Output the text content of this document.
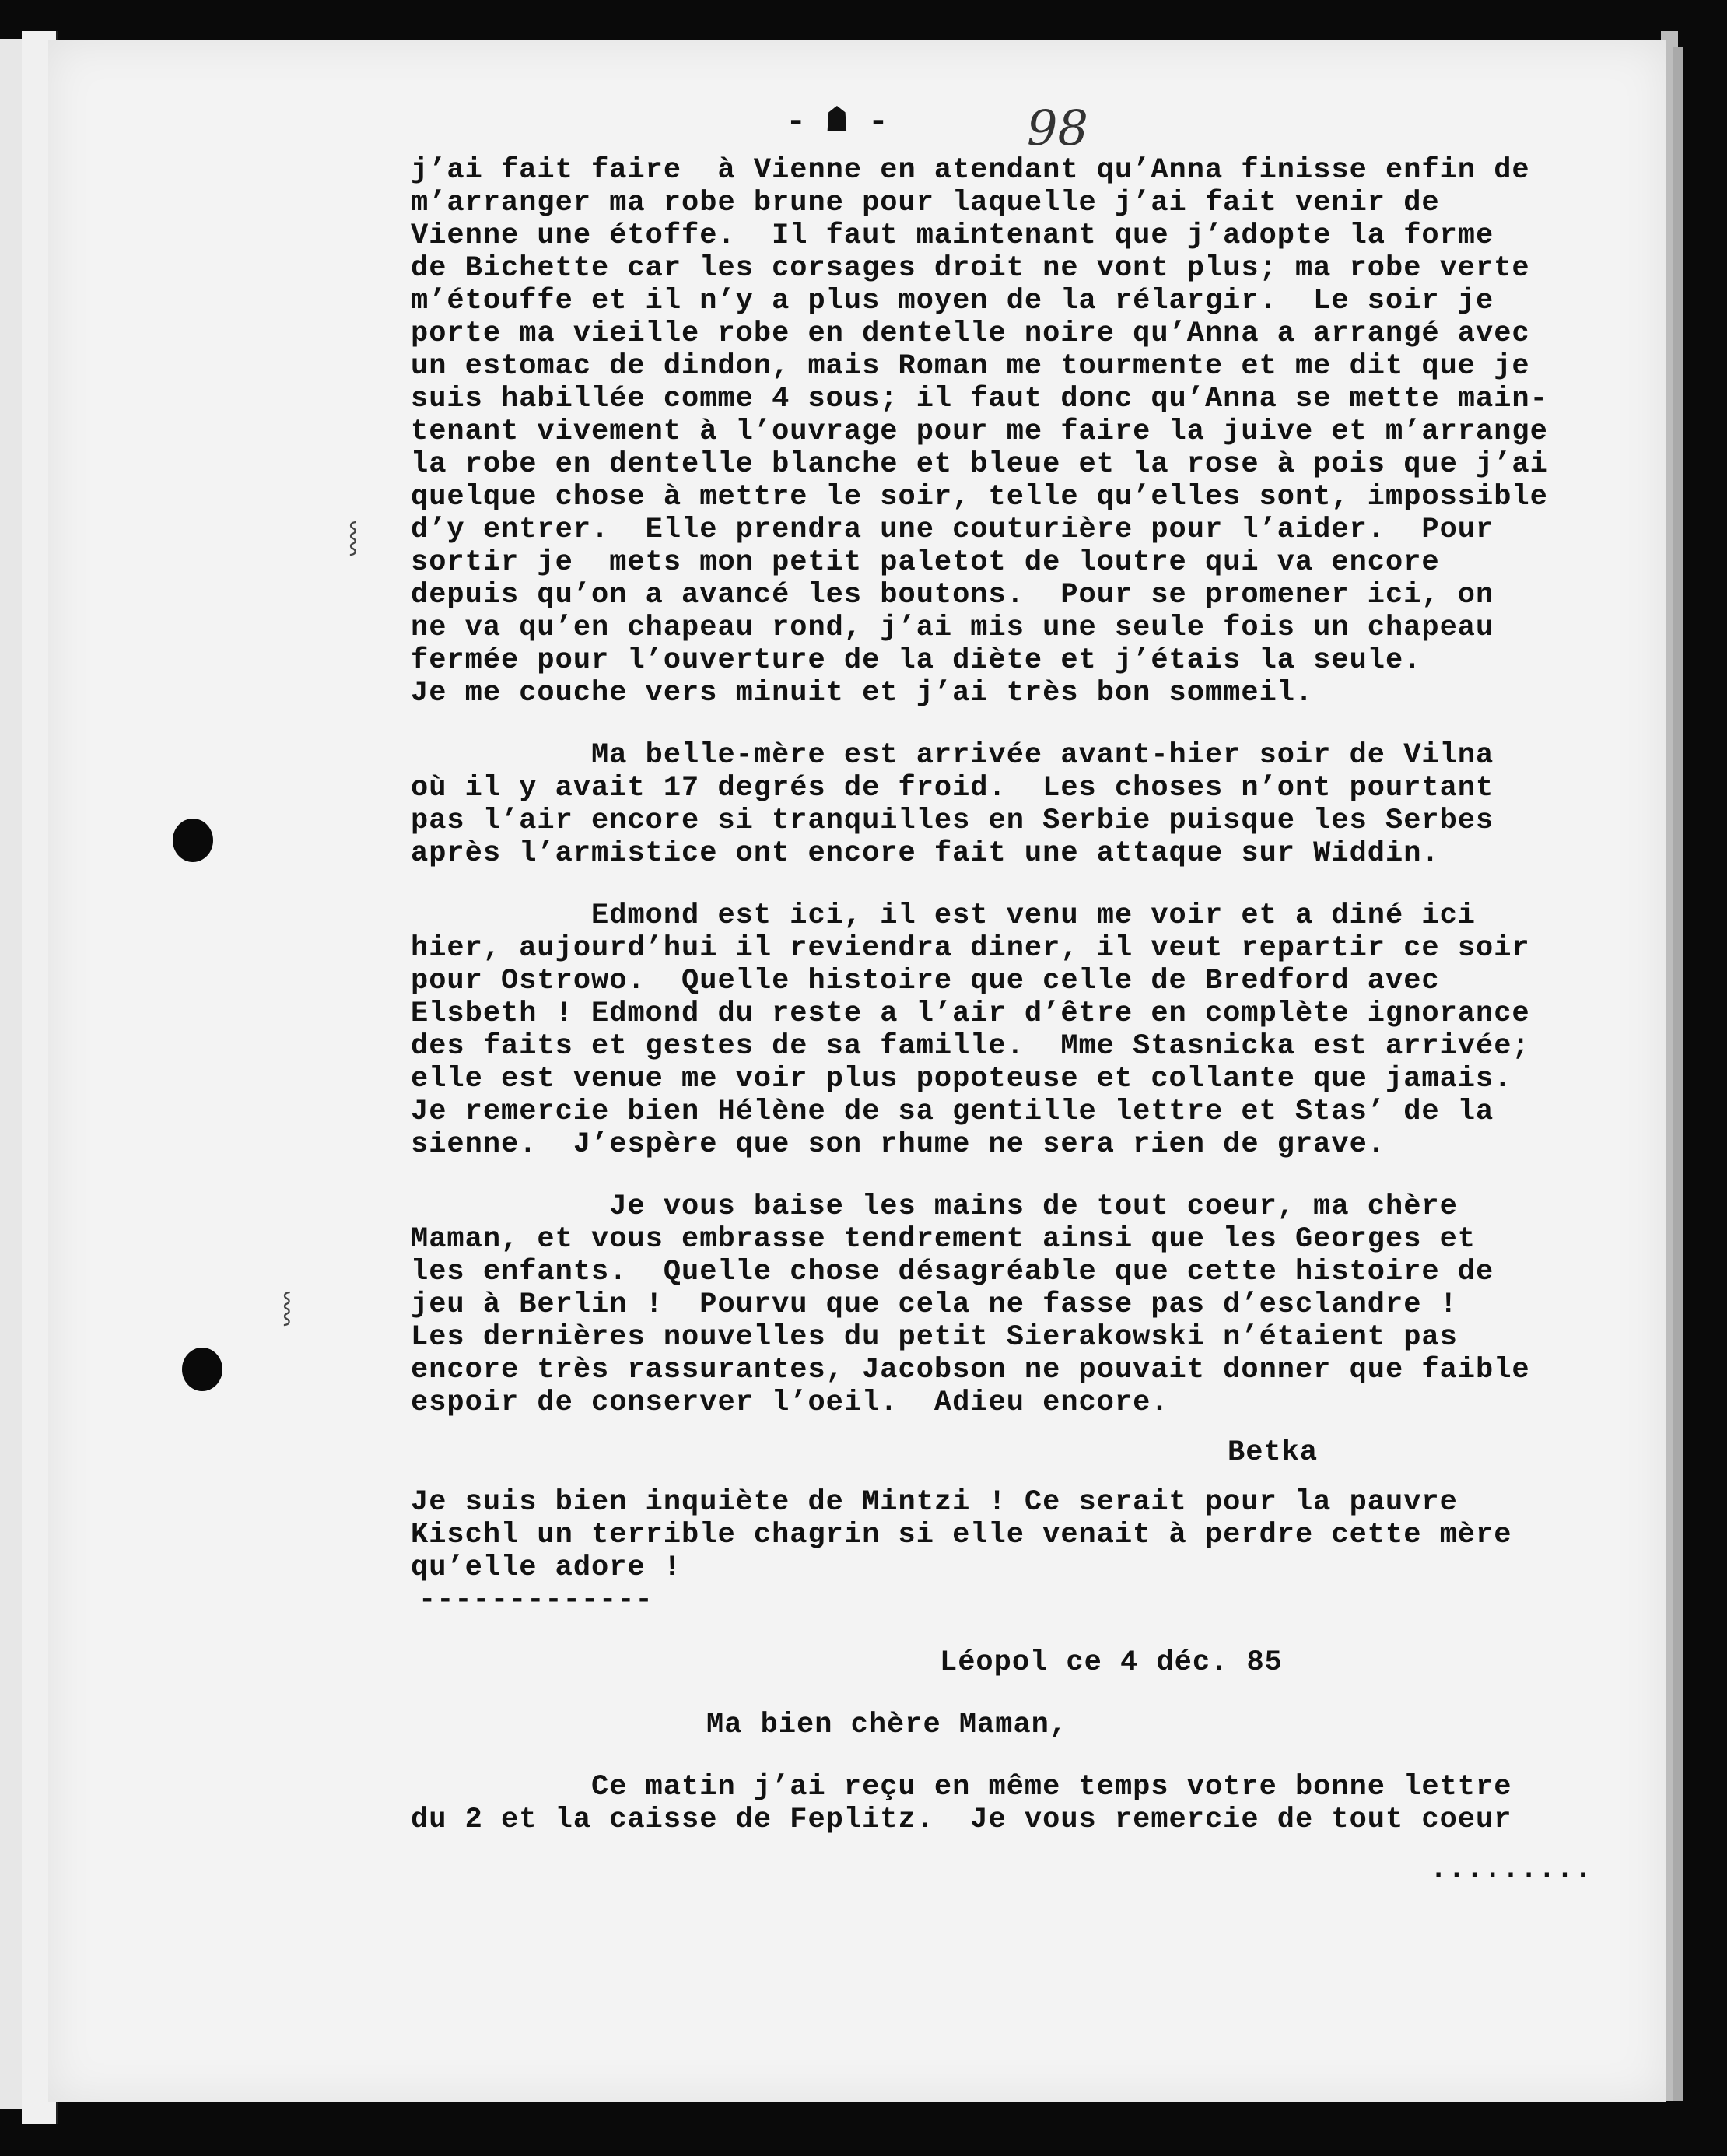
⸾
⸾
- ☗ -	98
j’ai fait faire  à Vienne en atendant qu’Anna finisse enfin de
m’arranger ma robe brune pour laquelle j’ai fait venir de
Vienne une étoffe.  Il faut maintenant que j’adopte la forme
de Bichette car les corsages droit ne vont plus; ma robe verte
m’étouffe et il n’y a plus moyen de la rélargir.  Le soir je
porte ma vieille robe en dentelle noire qu’Anna a arrangé avec
un estomac de dindon, mais Roman me tourmente et me dit que je
suis habillée comme 4 sous; il faut donc qu’Anna se mette main-
tenant vivement à l’ouvrage pour me faire la juive et m’arrange
la robe en dentelle blanche et bleue et la rose à pois que j’ai
quelque chose à mettre le soir, telle qu’elles sont, impossible
d’y entrer.  Elle prendra une couturière pour l’aider.  Pour
sortir je  mets mon petit paletot de loutre qui va encore
depuis qu’on a avancé les boutons.  Pour se promener ici, on
ne va qu’en chapeau rond, j’ai mis une seule fois un chapeau
fermée pour l’ouverture de la diète et j’étais la seule.
Je me couche vers minuit et j’ai très bon sommeil.
Ma belle-mère est arrivée avant-hier soir de Vilna
où il y avait 17 degrés de froid.  Les choses n’ont pourtant
pas l’air encore si tranquilles en Serbie puisque les Serbes
après l’armistice ont encore fait une attaque sur Widdin.
Edmond est ici, il est venu me voir et a diné ici
hier, aujourd’hui il reviendra diner, il veut repartir ce soir
pour Ostrowo.  Quelle histoire que celle de Bredford avec
Elsbeth ! Edmond du reste a l’air d’être en complète ignorance
des faits et gestes de sa famille.  Mme Stasnicka est arrivée;
elle est venue me voir plus popoteuse et collante que jamais.
Je remercie bien Hélène de sa gentille lettre et Stas’ de la
sienne.  J’espère que son rhume ne sera rien de grave.
Je vous baise les mains de tout coeur, ma chère
Maman, et vous embrasse tendrement ainsi que les Georges et
les enfants.  Quelle chose désagréable que cette histoire de
jeu à Berlin !  Pourvu que cela ne fasse pas d’esclandre !
Les dernières nouvelles du petit Sierakowski n’étaient pas
encore très rassurantes, Jacobson ne pouvait donner que faible
espoir de conserver l’oeil.  Adieu encore.
Betka
Je suis bien inquiète de Mintzi ! Ce serait pour la pauvre
Kischl un terrible chagrin si elle venait à perdre cette mère
qu’elle adore !
-------------
Léopol ce 4 déc. 85
Ma bien chère Maman,
Ce matin j’ai reçu en même temps votre bonne lettre
du 2 et la caisse de Feplitz.  Je vous remercie de tout coeur
.........
